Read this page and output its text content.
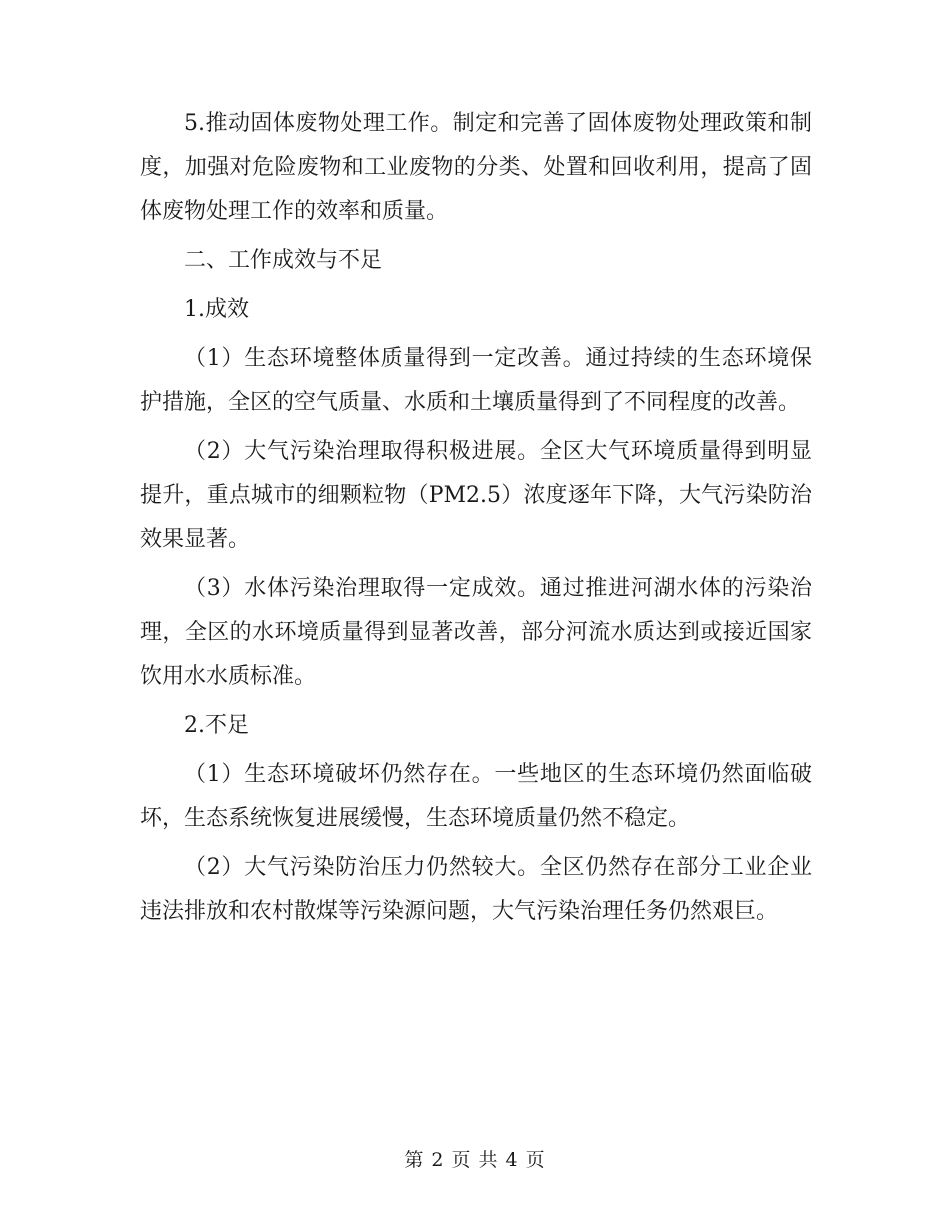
5.推动固体废物处理工作。制定和完善了固体废物处理政策和制度，加强对危险废物和工业废物的分类、处置和回收利用，提高了固体废物处理工作的效率和质量。

二、工作成效与不足

1.成效

（1）生态环境整体质量得到一定改善。通过持续的生态环境保护措施，全区的空气质量、水质和土壤质量得到了不同程度的改善。

（2）大气污染治理取得积极进展。全区大气环境质量得到明显提升，重点城市的细颗粒物（PM2.5）浓度逐年下降，大气污染防治效果显著。

（3）水体污染治理取得一定成效。通过推进河湖水体的污染治理，全区的水环境质量得到显著改善，部分河流水质达到或接近国家饮用水水质标准。

2.不足

（1）生态环境破坏仍然存在。一些地区的生态环境仍然面临破坏，生态系统恢复进展缓慢，生态环境质量仍然不稳定。

（2）大气污染防治压力仍然较大。全区仍然存在部分工业企业违法排放和农村散煤等污染源问题，大气污染治理任务仍然艰巨。

第 2 页 共 4 页
